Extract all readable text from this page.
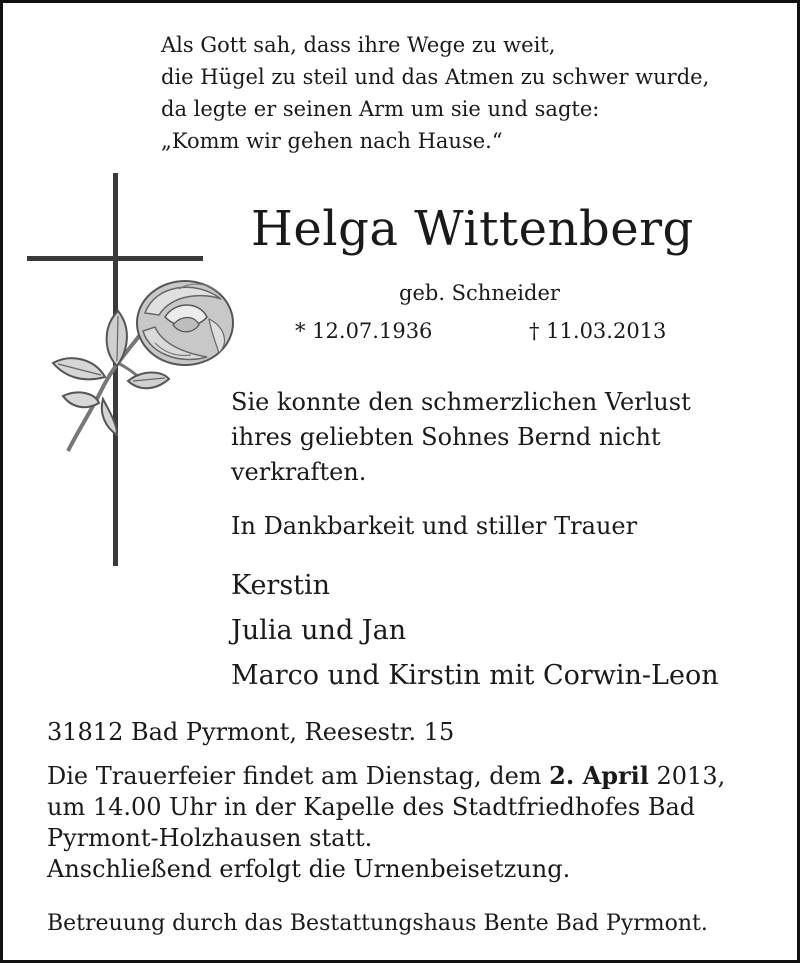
Als Gott sah, dass ihre Wege zu weit,
die Hügel zu steil und das Atmen zu schwer wurde,
da legte er seinen Arm um sie und sagte:
„Komm wir gehen nach Hause.“
Helga Wittenberg
geb. Schneider
* 12.07.1936	† 11.03.2013
Sie konnte den schmerzlichen Verlust
ihres geliebten Sohnes Bernd nicht
verkraften.
In Dankbarkeit und stiller Trauer
Kerstin
Julia und Jan
Marco und Kirstin mit Corwin-Leon
31812 Bad Pyrmont, Reesestr. 15
Die Trauerfeier findet am Dienstag, dem 2. April 2013,
um 14.00 Uhr in der Kapelle des Stadtfriedhofes Bad
Pyrmont-Holzhausen statt.
Anschließend erfolgt die Urnenbeisetzung.
Betreuung durch das Bestattungshaus Bente Bad Pyrmont.
